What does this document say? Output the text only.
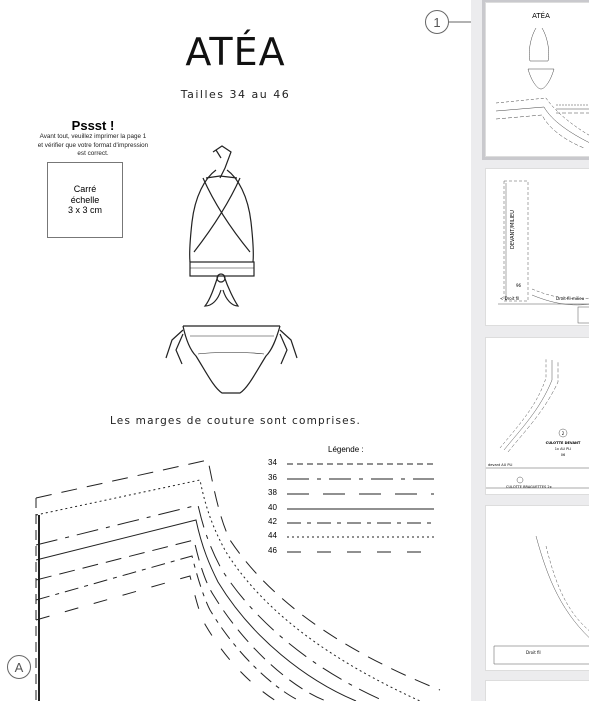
1
ATÉA
Tailles 34 au 46
Pssst !
Avant tout, veuillez imprimer la page 1
et vérifier que votre format d'impression
est correct.
Carré
échelle
3 x 3 cm
Les marges de couture sont comprises.
Légende :
34
36
38
40
42
44
46
A
ATÉA
DEVANT/MILIEU
96
< Droit fil	Droit fil milieu
2
CULOTTE DEVANT
1x AU PLI
06
devant AU PLI
CULOTTE BRAGUETTES 2x
Droit fil
